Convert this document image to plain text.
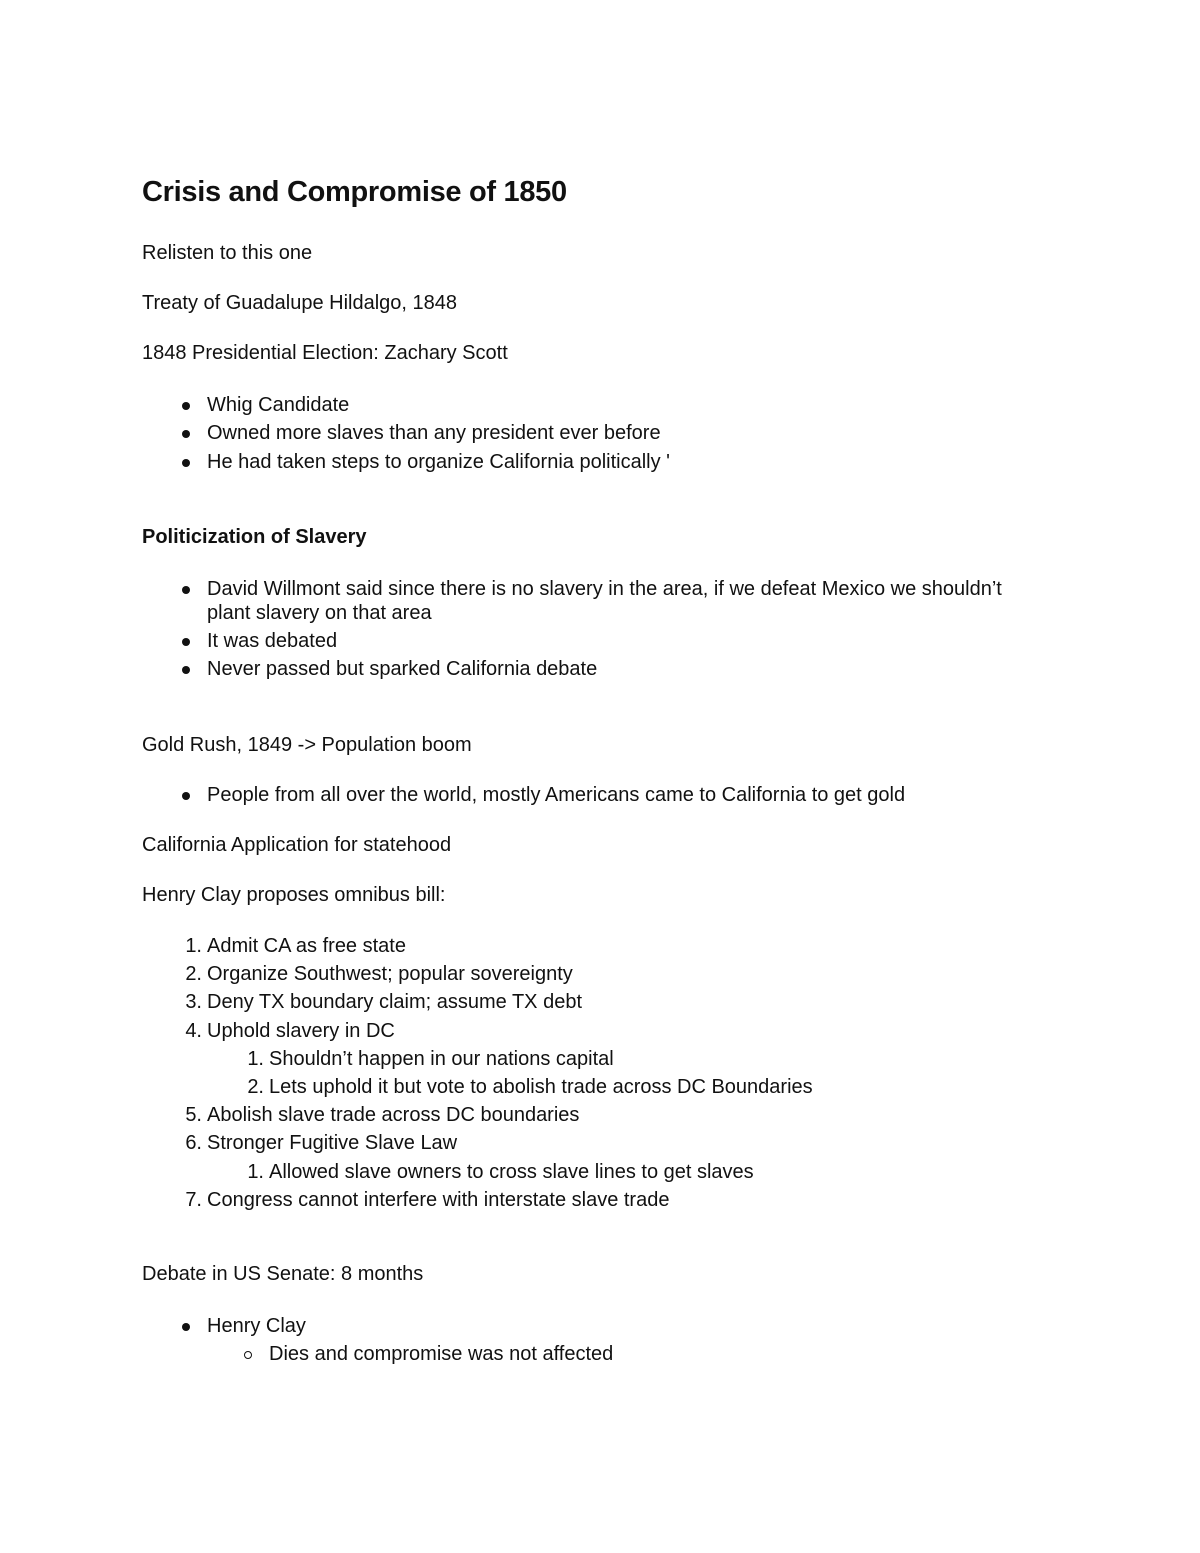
Crisis and Compromise of 1850

Relisten to this one

Treaty of Guadalupe Hildalgo, 1848

1848 Presidential Election: Zachary Scott

Whig Candidate
Owned more slaves than any president ever before
He had taken steps to organize California politically '
Politicization of Slavery
David Willmont said since there is no slavery in the area, if we defeat Mexico we shouldn’t plant slavery on that area
It was debated
Never passed but sparked California debate

Gold Rush, 1849 -> Population boom

People from all over the world, mostly Americans came to California to get gold

California Application for statehood

Henry Clay proposes omnibus bill:

1. Admit CA as free state
2. Organize Southwest; popular sovereignty
3. Deny TX boundary claim; assume TX debt
4. Uphold slavery in DC
1. Shouldn’t happen in our nations capital
2. Lets uphold it but vote to abolish trade across DC Boundaries
5. Abolish slave trade across DC boundaries
6. Stronger Fugitive Slave Law
1. Allowed slave owners to cross slave lines to get slaves
7. Congress cannot interfere with interstate slave trade

Debate in US Senate: 8 months

Henry Clay
Dies and compromise was not affected
